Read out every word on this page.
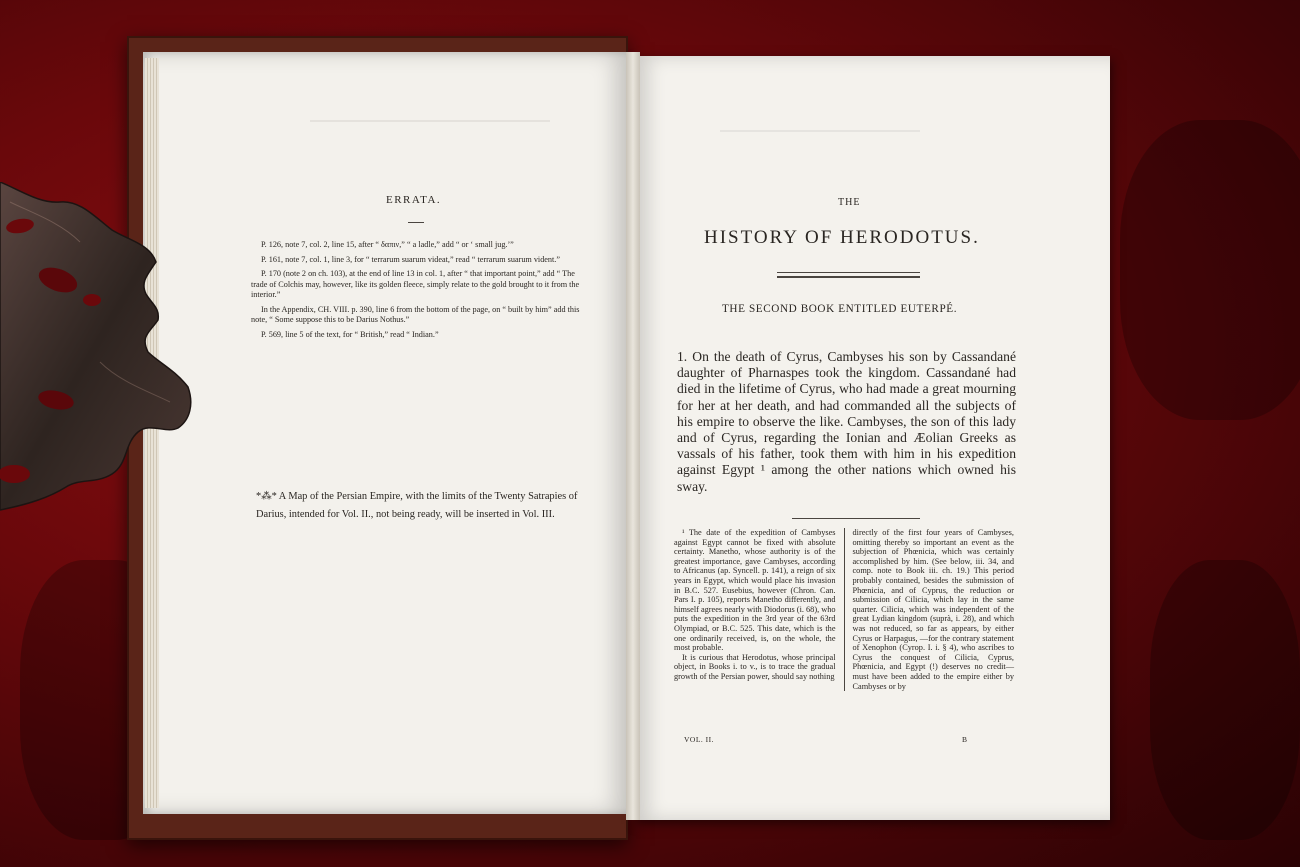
ERRATA.

P. 126, note 7, col. 2, line 15, after “ δαπιν,” “ a ladle,” add “ or ‘ small jug.’”

P. 161, note 7, col. 1, line 3, for “ terrarum suarum videat,” read “ terrarum suarum vident.”

P. 170 (note 2 on ch. 103), at the end of line 13 in col. 1, after “ that important point,” add “ The trade of Colchis may, however, like its golden fleece, simply relate to the gold brought to it from the interior.”

In the Appendix, CH. VIII. p. 390, line 6 from the bottom of the page, on “ built by him” add this note, “ Some suppose this to be Darius Nothus.”

P. 569, line 5 of the text, for “ British,” read “ Indian.”

*⁂* A Map of the Persian Empire, with the limits of the Twenty Satrapies of Darius, intended for Vol. II., not being ready, will be inserted in Vol. III.
THE
HISTORY OF HERODOTUS.
THE SECOND BOOK ENTITLED EUTERPÉ.
1. On the death of Cyrus, Cambyses his son by Cassandané daughter of Pharnaspes took the kingdom. Cassandané had died in the lifetime of Cyrus, who had made a great mourning for her at her death, and had commanded all the subjects of his empire to observe the like. Cambyses, the son of this lady and of Cyrus, regarding the Ionian and Æolian Greeks as vassals of his father, took them with him in his expedition against Egypt ¹ among the other nations which owned his sway.

¹ The date of the expedition of Cambyses against Egypt cannot be fixed with absolute certainty. Manetho, whose authority is of the greatest importance, gave Cambyses, according to Africanus (ap. Syncell. p. 141), a reign of six years in Egypt, which would place his invasion in B.C. 527. Eusebius, however (Chron. Can. Pars I. p. 105), reports Manetho differently, and himself agrees nearly with Diodorus (i. 68), who puts the expedition in the 3rd year of the 63rd Olympiad, or B.C. 525. This date, which is the one ordinarily received, is, on the whole, the most probable.

It is curious that Herodotus, whose principal object, in Books i. to v., is to trace the gradual growth of the Persian power, should say nothing

directly of the first four years of Cambyses, omitting thereby so important an event as the subjection of Phœnicia, which was certainly accomplished by him. (See below, iii. 34, and comp. note to Book iii. ch. 19.) This period probably contained, besides the submission of Phœnicia, and of Cyprus, the reduction or submission of Cilicia, which lay in the same quarter. Cilicia, which was independent of the great Lydian kingdom (suprà, i. 28), and which was not reduced, so far as appears, by either Cyrus or Harpagus, —for the contrary statement of Xenophon (Cyrop. I. i. § 4), who ascribes to Cyrus the conquest of Cilicia, Cyprus, Phœnicia, and Egypt (!) deserves no credit—must have been added to the empire either by Cambyses or by

VOL. II.	B
